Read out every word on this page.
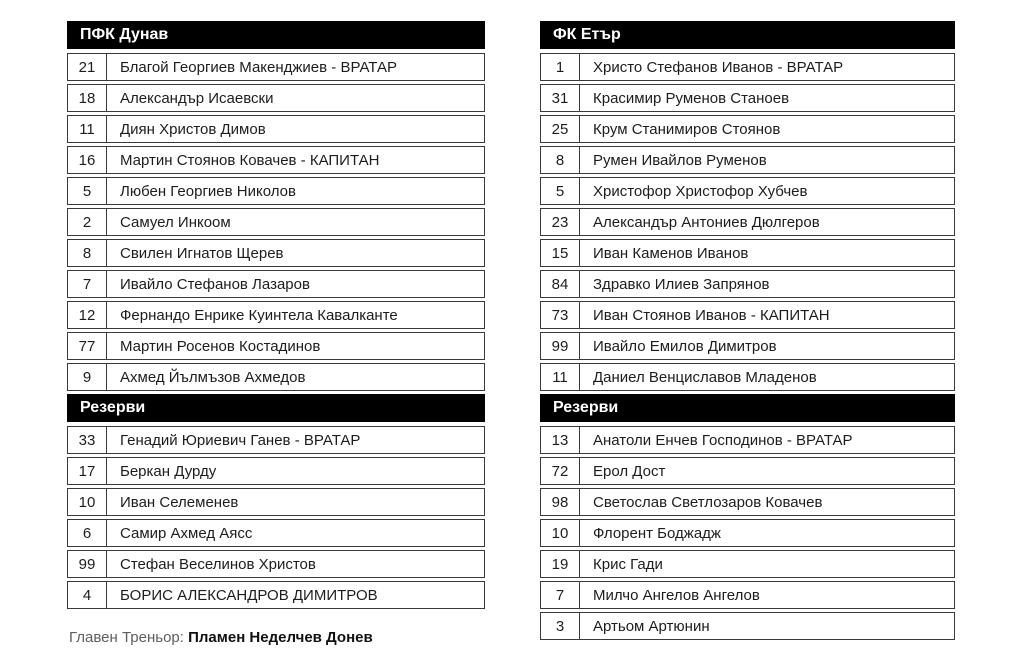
ПФК Дунав
21	Благой Георгиев Макенджиев - ВРАТАР
18	Александър Исаевски
11	Диян Христов Димов
16	Мартин Стоянов Ковачев - КАПИТАН
5	Любен Георгиев Николов
2	Самуел Инкоом
8	Свилен Игнатов Щерев
7	Ивайло Стефанов Лазаров
12	Фернандо Енрике Куинтела Кавалканте
77	Мартин Росенов Костадинов
9	Ахмед Йълмъзов Ахмедов
Резерви
33	Генадий Юриевич Ганев - ВРАТАР
17	Беркан Дурду
10	Иван Селеменев
6	Самир Ахмед Аясс
99	Стефан Веселинов Христов
4	БОРИС АЛЕКСАНДРОВ ДИМИТРОВ
ФК Етър
1	Христо Стефанов Иванов - ВРАТАР
31	Красимир Руменов Станоев
25	Крум Станимиров Стоянов
8	Румен Ивайлов Руменов
5	Христофор Христофор Хубчев
23	Александър Антониев Дюлгеров
15	Иван Каменов Иванов
84	Здравко Илиев Запрянов
73	Иван Стоянов Иванов - КАПИТАН
99	Ивайло Емилов Димитров
11	Даниел Венциславов Младенов
Резерви
13	Анатоли Енчев Господинов - ВРАТАР
72	Ерол Дост
98	Светослав Светлозаров Ковачев
10	Флорент Боджадж
19	Крис Гади
7	Милчо Ангелов Ангелов
3	Артьом Артюнин
Главен Треньор: Пламен Неделчев Донев
